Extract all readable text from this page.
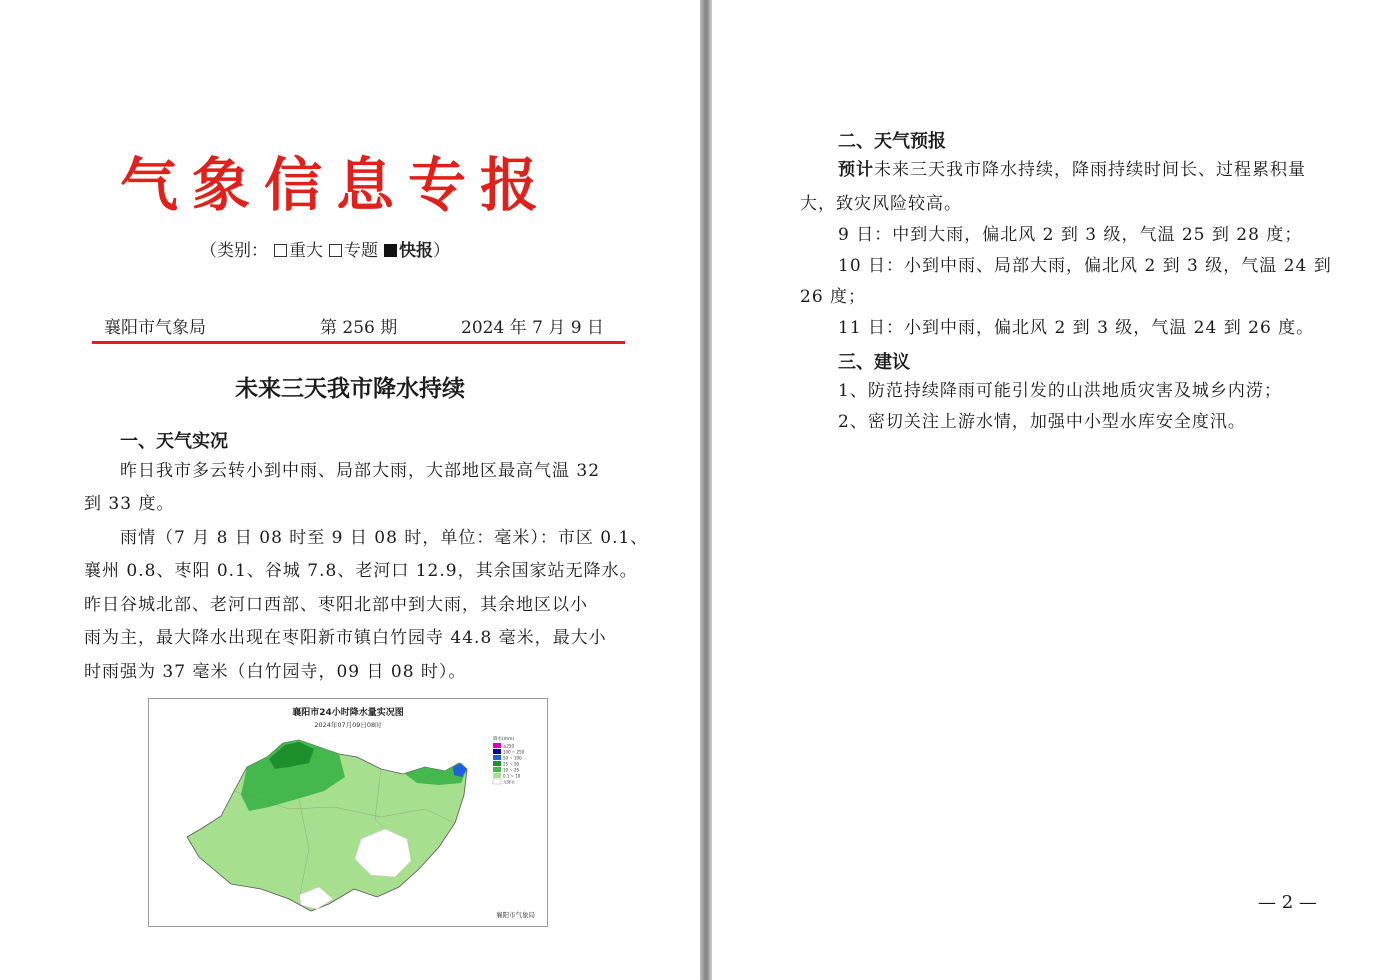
气象信息专报
（类别： 重大 专题 快报）
襄阳市气象局	第 256 期	2024 年 7 月 9 日
未来三天我市降水持续
一、天气实况
昨日我市多云转小到中雨、局部大雨，大部地区最高气温 32
到 33 度。
雨情（7 月 8 日 08 时至 9 日 08 时，单位：毫米）：市区 0.1、
襄州 0.8、枣阳 0.1、谷城 7.8、老河口 12.9，其余国家站无降水。
昨日谷城北部、老河口西部、枣阳北部中到大雨，其余地区以小
雨为主，最大降水出现在枣阳新市镇白竹园寺 44.8 毫米，最大小
时雨强为 37 毫米（白竹园寺，09 日 08 时）。
襄阳市24小时降水量实况图
2024年07月09日08时
降水(mm)
≥250
100 ~ 250
50 ~ 100
25 ~ 50
10 ~ 25
0.1 ~ 10
无降水
襄阳市气象局
二、天气预报
预计未来三天我市降水持续，降雨持续时间长、过程累积量
大，致灾风险较高。
9 日：中到大雨，偏北风 2 到 3 级，气温 25 到 28 度；
10 日：小到中雨、局部大雨，偏北风 2 到 3 级，气温 24 到
26 度；
11 日：小到中雨，偏北风 2 到 3 级，气温 24 到 26 度。
三、建议
1、防范持续降雨可能引发的山洪地质灾害及城乡内涝；
2、密切关注上游水情，加强中小型水库安全度汛。
— 2 —
